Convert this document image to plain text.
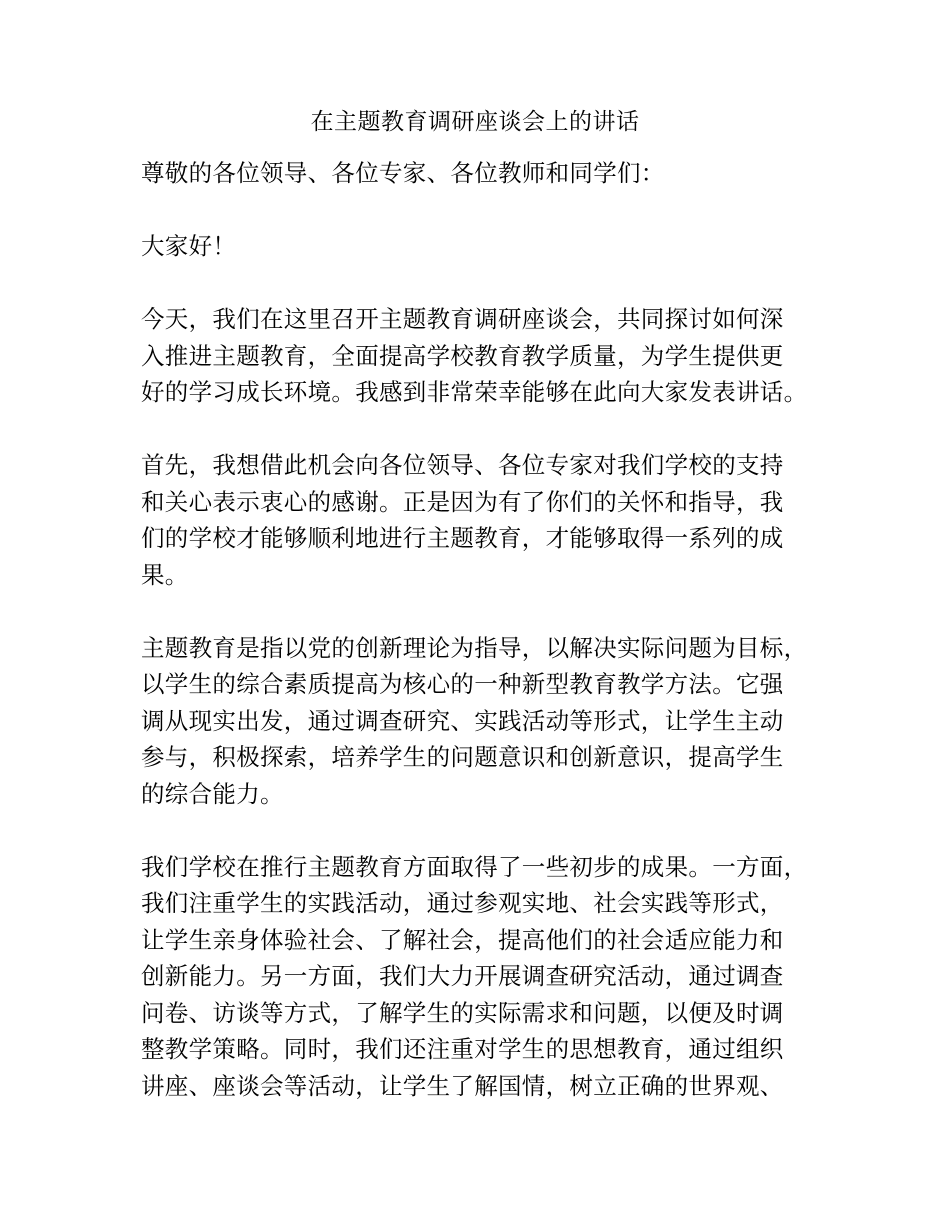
在主题教育调研座谈会上的讲话

尊敬的各位领导、各位专家、各位教师和同学们：

大家好！

今天，我们在这里召开主题教育调研座谈会，共同探讨如何深
入推进主题教育，全面提高学校教育教学质量，为学生提供更
好的学习成长环境。我感到非常荣幸能够在此向大家发表讲话。

首先，我想借此机会向各位领导、各位专家对我们学校的支持
和关心表示衷心的感谢。正是因为有了你们的关怀和指导，我
们的学校才能够顺利地进行主题教育，才能够取得一系列的成
果。

主题教育是指以党的创新理论为指导，以解决实际问题为目标，
以学生的综合素质提高为核心的一种新型教育教学方法。它强
调从现实出发，通过调查研究、实践活动等形式，让学生主动
参与，积极探索，培养学生的问题意识和创新意识，提高学生
的综合能力。

我们学校在推行主题教育方面取得了一些初步的成果。一方面，
我们注重学生的实践活动，通过参观实地、社会实践等形式，
让学生亲身体验社会、了解社会，提高他们的社会适应能力和
创新能力。另一方面，我们大力开展调查研究活动，通过调查
问卷、访谈等方式，了解学生的实际需求和问题，以便及时调
整教学策略。同时，我们还注重对学生的思想教育，通过组织
讲座、座谈会等活动，让学生了解国情，树立正确的世界观、
